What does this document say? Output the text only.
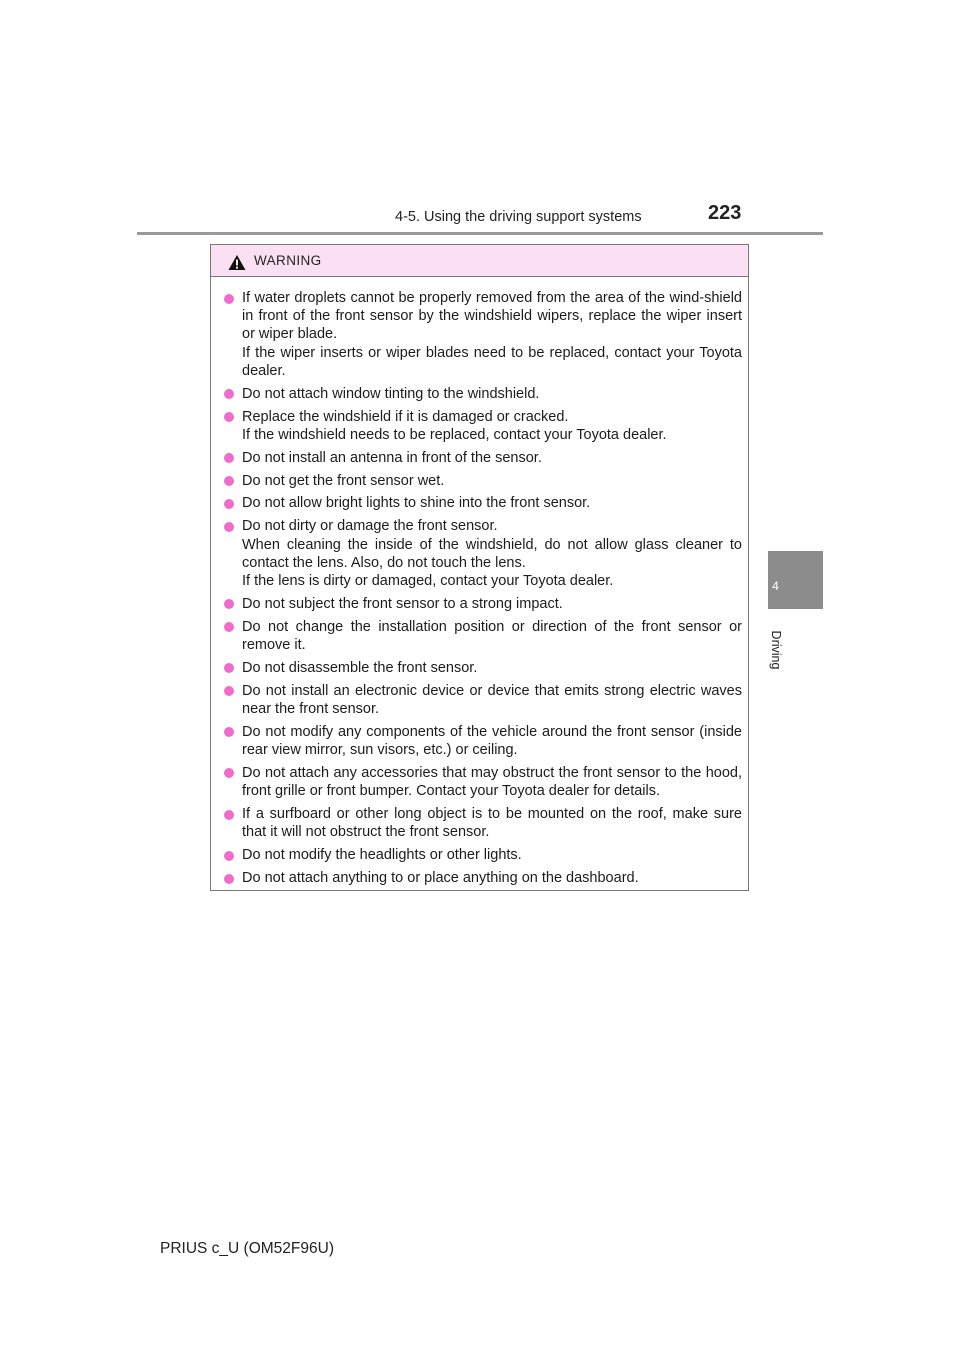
4-5. Using the driving support systems	223
4
Driving
WARNING
If water droplets cannot be properly removed from the area of the wind-shield in front of the front sensor by the windshield wipers, replace the wiper insert or wiper blade.
If the wiper inserts or wiper blades need to be replaced, contact your Toyota dealer.
Do not attach window tinting to the windshield.
Replace the windshield if it is damaged or cracked.
If the windshield needs to be replaced, contact your Toyota dealer.
Do not install an antenna in front of the sensor.
Do not get the front sensor wet.
Do not allow bright lights to shine into the front sensor.
Do not dirty or damage the front sensor.
When cleaning the inside of the windshield, do not allow glass cleaner to contact the lens. Also, do not touch the lens.
If the lens is dirty or damaged, contact your Toyota dealer.
Do not subject the front sensor to a strong impact.
Do not change the installation position or direction of the front sensor or remove it.
Do not disassemble the front sensor.
Do not install an electronic device or device that emits strong electric waves near the front sensor.
Do not modify any components of the vehicle around the front sensor (inside rear view mirror, sun visors, etc.) or ceiling.
Do not attach any accessories that may obstruct the front sensor to the hood, front grille or front bumper. Contact your Toyota dealer for details.
If a surfboard or other long object is to be mounted on the roof, make sure that it will not obstruct the front sensor.
Do not modify the headlights or other lights.
Do not attach anything to or place anything on the dashboard.
PRIUS c_U (OM52F96U)
